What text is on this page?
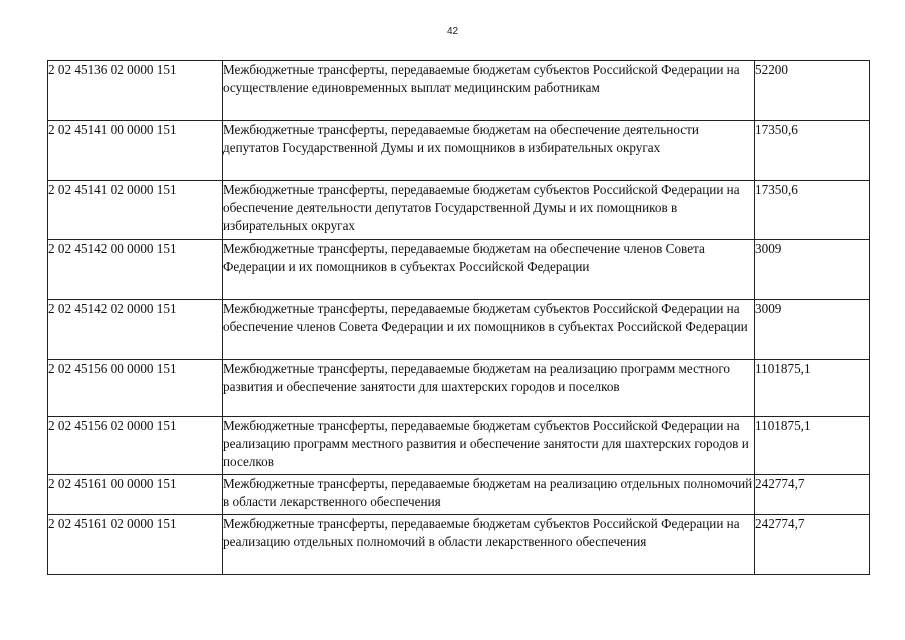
42
2 02 45136 02 0000 151	Межбюджетные трансферты, передаваемые бюджетам субъектов Российской Федерации на осуществление единовременных выплат медицинским работникам	52200
2 02 45141 00 0000 151	Межбюджетные трансферты, передаваемые бюджетам на обеспечение деятельности депутатов Государственной Думы и их помощников в избирательных округах	17350,6
2 02 45141 02 0000 151	Межбюджетные трансферты, передаваемые бюджетам субъектов Российской Федерации на обеспечение деятельности депутатов Государственной Думы и их помощников в избирательных округах	17350,6
2 02 45142 00 0000 151	Межбюджетные трансферты, передаваемые бюджетам на обеспечение членов Совета Федерации и их помощников в субъектах Российской Федерации	3009
2 02 45142 02 0000 151	Межбюджетные трансферты, передаваемые бюджетам субъектов Российской Федерации на обеспечение членов Совета Федерации и их помощников в субъектах Российской Федерации	3009
2 02 45156 00 0000 151	Межбюджетные трансферты, передаваемые бюджетам на реализацию программ местного развития и обеспечение занятости для шахтерских городов и поселков	1101875,1
2 02 45156 02 0000 151	Межбюджетные трансферты, передаваемые бюджетам субъектов Российской Федерации на реализацию программ местного развития и обеспечение занятости для шахтерских городов и поселков	1101875,1
2 02 45161 00 0000 151	Межбюджетные трансферты, передаваемые бюджетам на реализацию отдельных полномочий в области лекарственного обеспечения	242774,7
2 02 45161 02 0000 151	Межбюджетные трансферты, передаваемые бюджетам субъектов Российской Федерации на реализацию отдельных полномочий в области лекарственного обеспечения	242774,7
